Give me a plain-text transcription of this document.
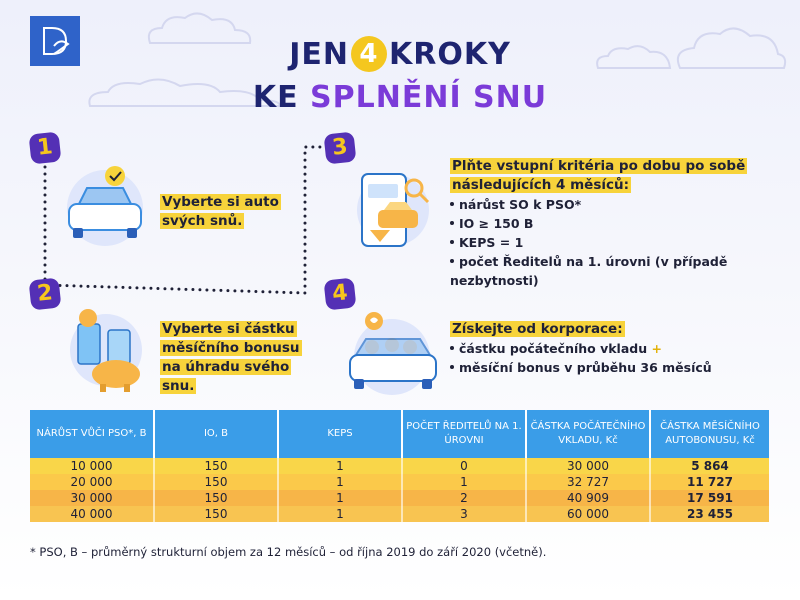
JEN 4 KROKY
KE SPLNĚNÍ SNU
1
2
3
4
Vyberte si auto
svých snů.
Vyberte si částku
měsíčního bonusu
na úhradu svého
snu.
Plňte vstupní kritéria po dobu po sobě
následujících 4 měsíců:
nárůst SO k PSO*
IO ≥ 150 B
KEPS = 1
počet Ředitelů na 1. úrovni (v případě nezbytnosti)
Získejte od korporace:
částku počátečního vkladu +
měsíční bonus v průběhu 36 měsíců
NÁRŮST VŮČI PSO*, B	IO, B	KEPS	POČET ŘEDITELŮ NA 1. ÚROVNI	ČÁSTKA POČÁTEČNÍHO VKLADU, Kč	ČÁSTKA MĚSÍČNÍHO AUTOBONUSU, Kč
10 000	150	1	0	30 000	5 864
20 000	150	1	1	32 727	11 727
30 000	150	1	2	40 909	17 591
40 000	150	1	3	60 000	23 455
* PSO, B – průměrný strukturní objem za 12 měsíců – od října 2019 do září 2020 (včetně).
